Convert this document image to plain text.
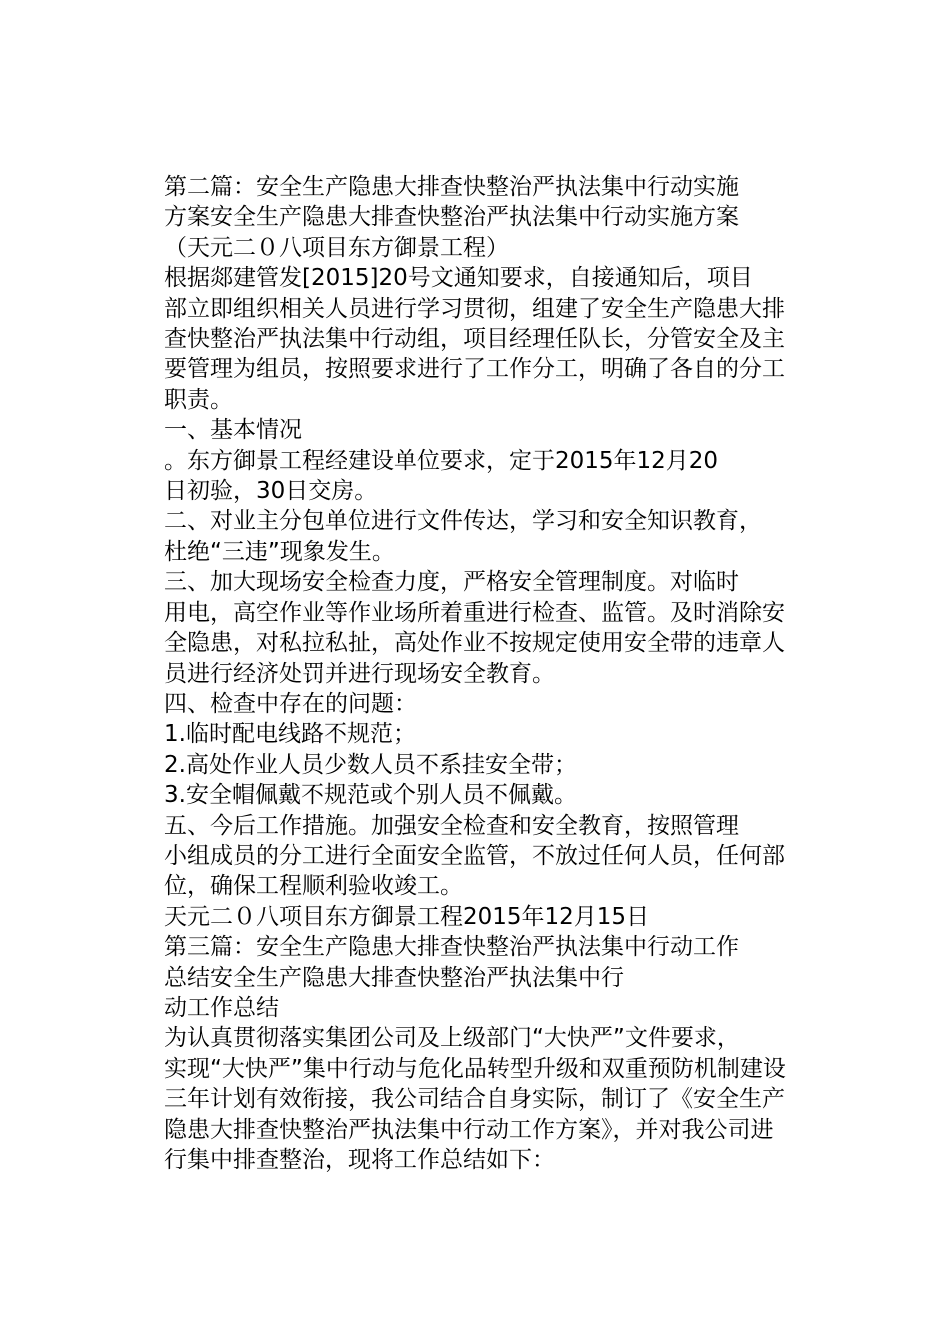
第二篇：安全生产隐患大排查快整治严执法集中行动实施
方案安全生产隐患大排查快整治严执法集中行动实施方案

（天元二０八项目东方御景工程）

根据郯建管发[2015]20号文通知要求，自接通知后，项目
部立即组织相关人员进行学习贯彻，组建了安全生产隐患大排
查快整治严执法集中行动组，项目经理任队长，分管安全及主
要管理为组员，按照要求进行了工作分工，明确了各自的分工
职责。

一、基本情况

。东方御景工程经建设单位要求，定于2015年12月20
日初验，30日交房。

二、对业主分包单位进行文件传达，学习和安全知识教育，
杜绝“三违”现象发生。

三、加大现场安全检查力度，严格安全管理制度。对临时
用电，高空作业等作业场所着重进行检查、监管。及时消除安
全隐患，对私拉私扯，高处作业不按规定使用安全带的违章人
员进行经济处罚并进行现场安全教育。

四、检查中存在的问题：

1.临时配电线路不规范；

2.高处作业人员少数人员不系挂安全带；

3.安全帽佩戴不规范或个别人员不佩戴。

五、今后工作措施。加强安全检查和安全教育，按照管理
小组成员的分工进行全面安全监管，不放过任何人员，任何部
位，确保工程顺利验收竣工。

天元二０八项目东方御景工程2015年12月15日

第三篇：安全生产隐患大排查快整治严执法集中行动工作
总结安全生产隐患大排查快整治严执法集中行

动工作总结

为认真贯彻落实集团公司及上级部门“大快严”文件要求，
实现“大快严”集中行动与危化品转型升级和双重预防机制建设
三年计划有效衔接，我公司结合自身实际，制订了《安全生产
隐患大排查快整治严执法集中行动工作方案》，并对我公司进
行集中排查整治，现将工作总结如下：
